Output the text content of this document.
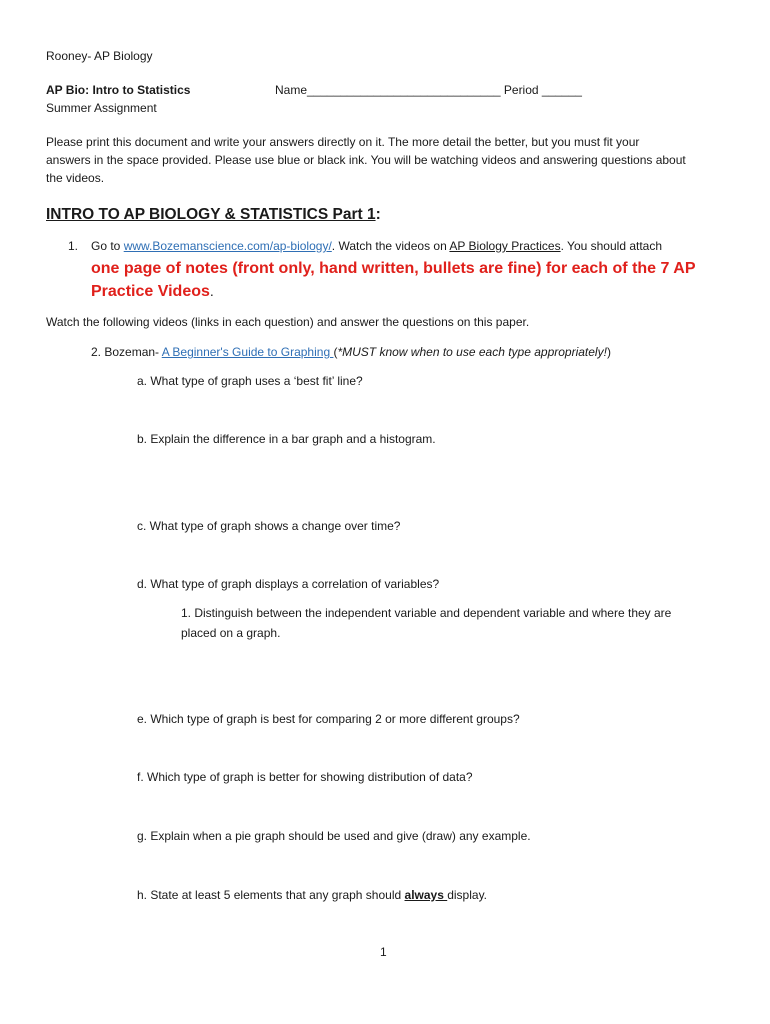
Rooney- AP Biology
AP Bio: Intro to Statistics	Name_____________________________ Period ______
Summer Assignment
Please print this document and write your answers directly on it. The more detail the better, but you must fit your
answers in the space provided. Please use blue or black ink. You will be watching videos and answering questions about
the videos.
INTRO TO AP BIOLOGY & STATISTICS Part 1:
1. Go to www.Bozemanscience.com/ap-biology/. Watch the videos on AP Biology Practices. You should attach
one page of notes (front only, hand written, bullets are fine) for each of the 7 AP
Practice Videos.
Watch the following videos (links in each question) and answer the questions on this paper.
2. Bozeman- A Beginner's Guide to Graphing (*MUST know when to use each type appropriately!)
a. What type of graph uses a ‘best fit’ line?
b. Explain the difference in a bar graph and a histogram.
c. What type of graph shows a change over time?
d. What type of graph displays a correlation of variables?
1. Distinguish between the independent variable and dependent variable and where they are
placed on a graph.
e. Which type of graph is best for comparing 2 or more different groups?
f. Which type of graph is better for showing distribution of data?
g. Explain when a pie graph should be used and give (draw) any example.
h. State at least 5 elements that any graph should always display.
1
